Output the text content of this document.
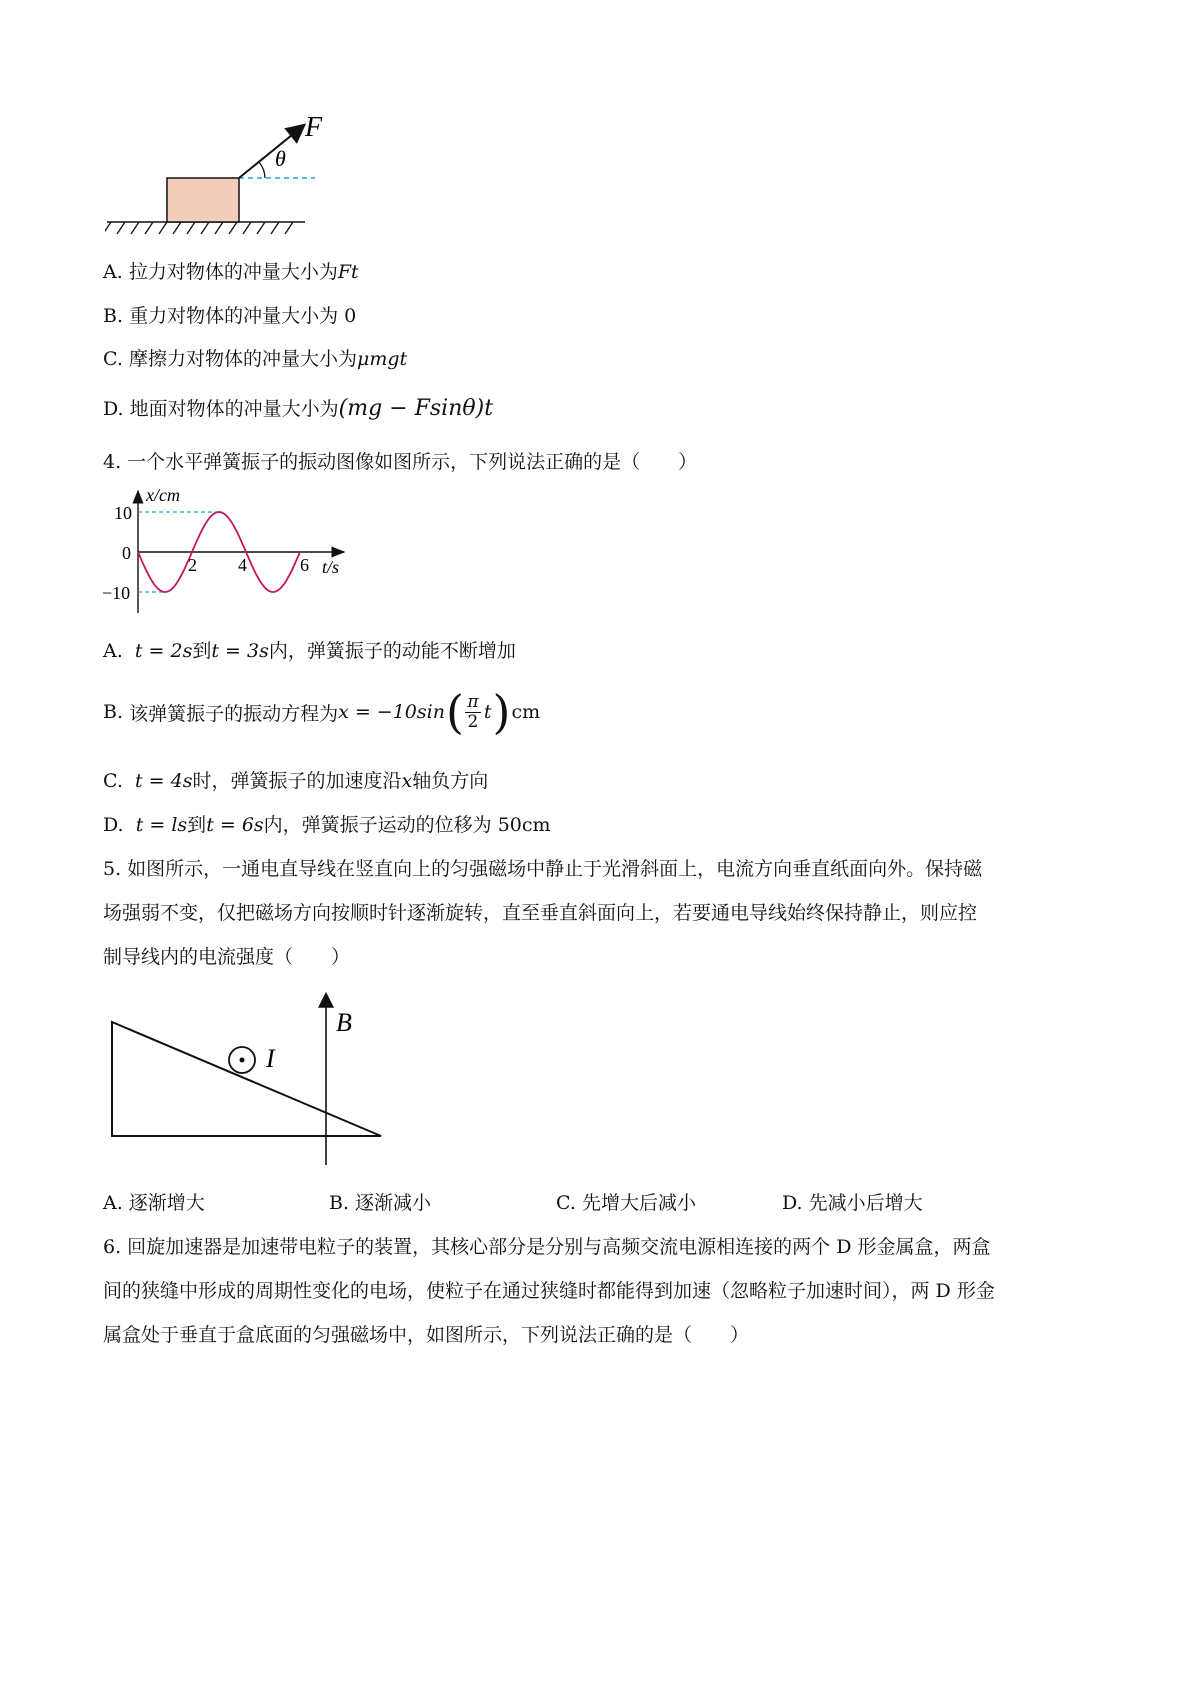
F
θ
A. 拉力对物体的冲量大小为Ft
B. 重力对物体的冲量大小为 0
C. 摩擦力对物体的冲量大小为μmgt
D. 地面对物体的冲量大小为(mg − Fsinθ)t
4. 一个水平弹簧振子的振动图像如图所示，下列说法正确的是（　　）
x/cm
t/s
10
0
−10
2 4	6
A. t = 2s到t = 3s内，弹簧振子的动能不断增加
B.
该弹簧振子的振动方程为 x = −10sin ( π
2 t ) cm
C. t = 4s时，弹簧振子的加速度沿x轴负方向
D. t = ls到t = 6s内，弹簧振子运动的位移为 50cm
5. 如图所示，一通电直导线在竖直向上的匀强磁场中静止于光滑斜面上，电流方向垂直纸面向外。保持磁
场强弱不变，仅把磁场方向按顺时针逐渐旋转，直至垂直斜面向上，若要通电导线始终保持静止，则应控
制导线内的电流强度（　　）
B
I
A. 逐渐增大	B. 逐渐减小	C. 先增大后减小	D. 先减小后增大
6. 回旋加速器是加速带电粒子的装置，其核心部分是分别与高频交流电源相连接的两个 D 形金属盒，两盒
间的狭缝中形成的周期性变化的电场，使粒子在通过狭缝时都能得到加速（忽略粒子加速时间），两 D 形金
属盒处于垂直于盒底面的匀强磁场中，如图所示，下列说法正确的是（　　）
